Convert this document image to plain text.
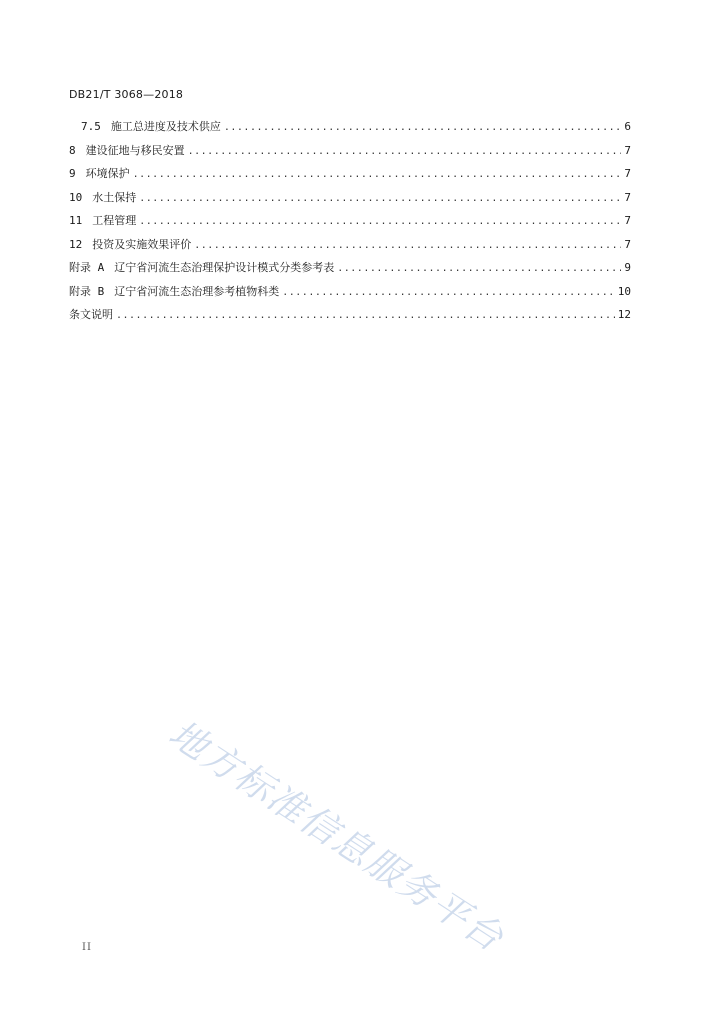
DB21/T 3068—2018
7.5 施工总进度及技术供应 .....	6
8 建设征地与移民安置 .....	7
9 环境保护 .....	7
10 水土保持 .....	7
11 工程管理 .....	7
12 投资及实施效果评价 .....	7
附录 A 辽宁省河流生态治理保护设计模式分类参考表 .....	9
附录 B 辽宁省河流生态治理参考植物科类 .....	10
条文说明 .....	12
地方标准信息服务平台
II
